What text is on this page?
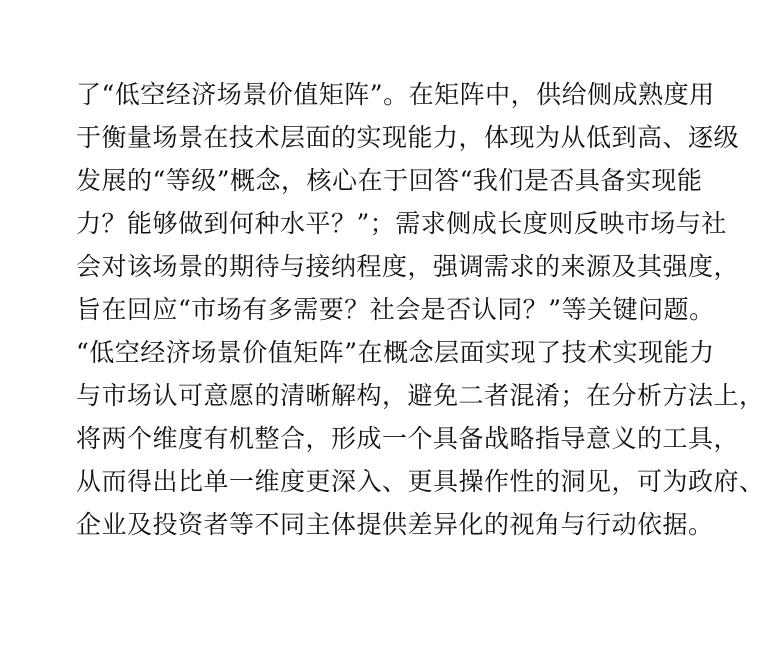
了“低空经济场景价值矩阵”。在矩阵中，供给侧成熟度用
于衡量场景在技术层面的实现能力，体现为从低到高、逐级
发展的“等级”概念，核心在于回答“我们是否具备实现能
力？能够做到何种水平？”；需求侧成长度则反映市场与社
会对该场景的期待与接纳程度，强调需求的来源及其强度，
旨在回应“市场有多需要？社会是否认同？”等关键问题。
“低空经济场景价值矩阵”在概念层面实现了技术实现能力
与市场认可意愿的清晰解构，避免二者混淆；在分析方法上，
将两个维度有机整合，形成一个具备战略指导意义的工具，
从而得出比单一维度更深入、更具操作性的洞见，可为政府、
企业及投资者等不同主体提供差异化的视角与行动依据。
